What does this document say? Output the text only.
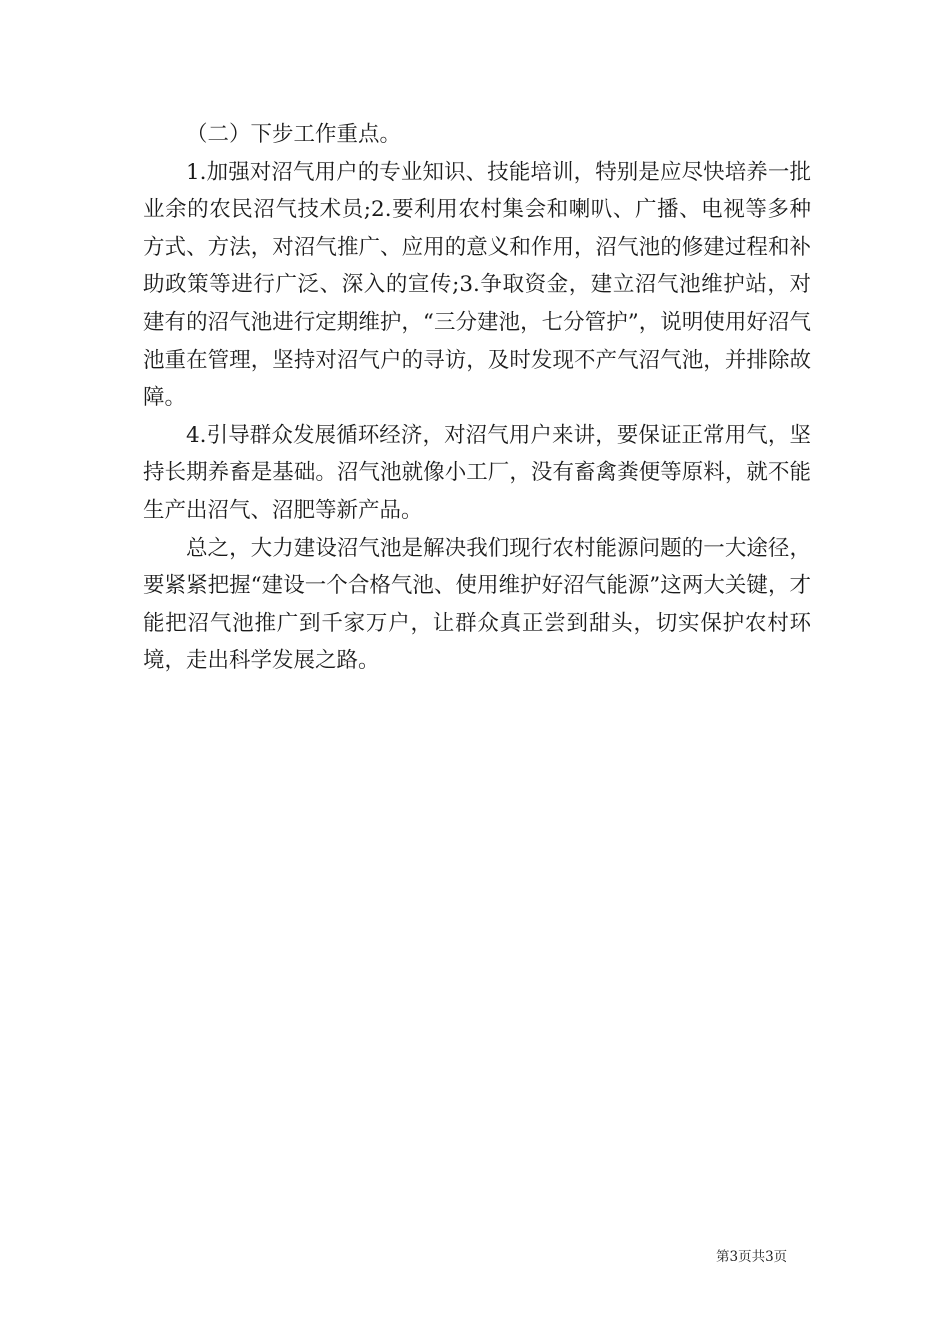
（二）下步工作重点。

1.加强对沼气用户的专业知识、技能培训，特别是应尽快培养一批业余的农民沼气技术员;2.要利用农村集会和喇叭、广播、电视等多种方式、方法，对沼气推广、应用的意义和作用，沼气池的修建过程和补助政策等进行广泛、深入的宣传;3.争取资金，建立沼气池维护站，对建有的沼气池进行定期维护，“三分建池，七分管护”，说明使用好沼气池重在管理，坚持对沼气户的寻访，及时发现不产气沼气池，并排除故障。

4.引导群众发展循环经济，对沼气用户来讲，要保证正常用气，坚持长期养畜是基础。沼气池就像小工厂，没有畜禽粪便等原料，就不能生产出沼气、沼肥等新产品。

总之，大力建设沼气池是解决我们现行农村能源问题的一大途径，要紧紧把握“建设一个合格气池、使用维护好沼气能源”这两大关键，才能把沼气池推广到千家万户，让群众真正尝到甜头，切实保护农村环境，走出科学发展之路。

第3页共3页
